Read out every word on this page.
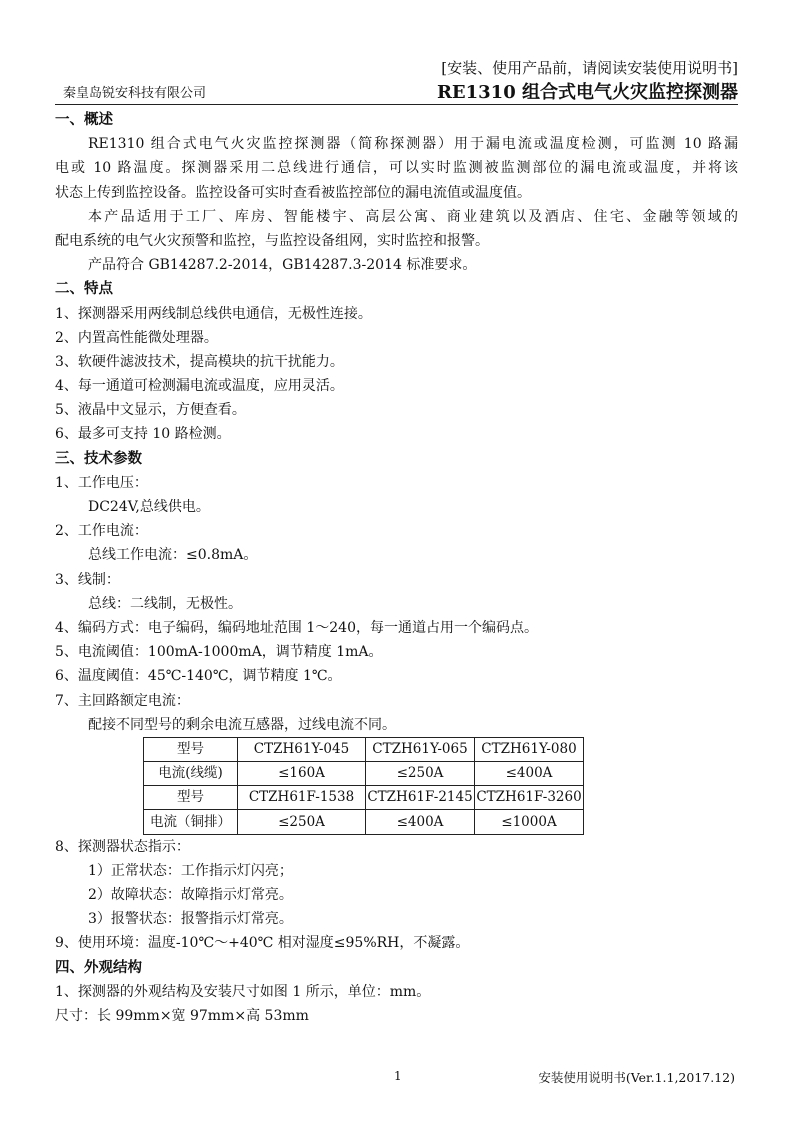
[安装、使用产品前，请阅读安装使用说明书]
秦皇岛锐安科技有限公司	RE1310 组合式电气火灾监控探测器
一、概述
RE1310 组合式电气火灾监控探测器（简称探测器）用于漏电流或温度检测，可监测 10 路漏
电或 10 路温度。探测器采用二总线进行通信，可以实时监测被监测部位的漏电流或温度，并将该
状态上传到监控设备。监控设备可实时查看被监控部位的漏电流值或温度值。
本产品适用于工厂、库房、智能楼宇、高层公寓、商业建筑以及酒店、住宅、金融等领域的
配电系统的电气火灾预警和监控，与监控设备组网，实时监控和报警。
产品符合 GB14287.2-2014，GB14287.3-2014 标准要求。
二、特点
1、探测器采用两线制总线供电通信，无极性连接。
2、内置高性能微处理器。
3、软硬件滤波技术，提高模块的抗干扰能力。
4、每一通道可检测漏电流或温度，应用灵活。
5、液晶中文显示，方便查看。
6、最多可支持 10 路检测。
三、技术参数
1、工作电压：
DC24V,总线供电。
2、工作电流：
总线工作电流：≤0.8mA。
3、线制：
总线：二线制，无极性。
4、编码方式：电子编码，编码地址范围 1～240，每一通道占用一个编码点。
5、电流阈值：100mA-1000mA，调节精度 1mA。
6、温度阈值：45℃-140℃，调节精度 1℃。
7、主回路额定电流：
配接不同型号的剩余电流互感器，过线电流不同。
型号	CTZH61Y-045	CTZH61Y-065	CTZH61Y-080
电流(线缆)	≤160A	≤250A	≤400A
型号	CTZH61F-1538	CTZH61F-2145	CTZH61F-3260
电流（铜排）	≤250A	≤400A	≤1000A
8、探测器状态指示：
1）正常状态：工作指示灯闪亮；
2）故障状态：故障指示灯常亮。
3）报警状态：报警指示灯常亮。
9、使用环境：温度-10℃～+40℃ 相对湿度≤95%RH，不凝露。
四、外观结构
1、探测器的外观结构及安装尺寸如图 1 所示，单位：mm。
尺寸：长 99mm×宽 97mm×高 53mm
1	安装使用说明书(Ver.1.1,2017.12)
